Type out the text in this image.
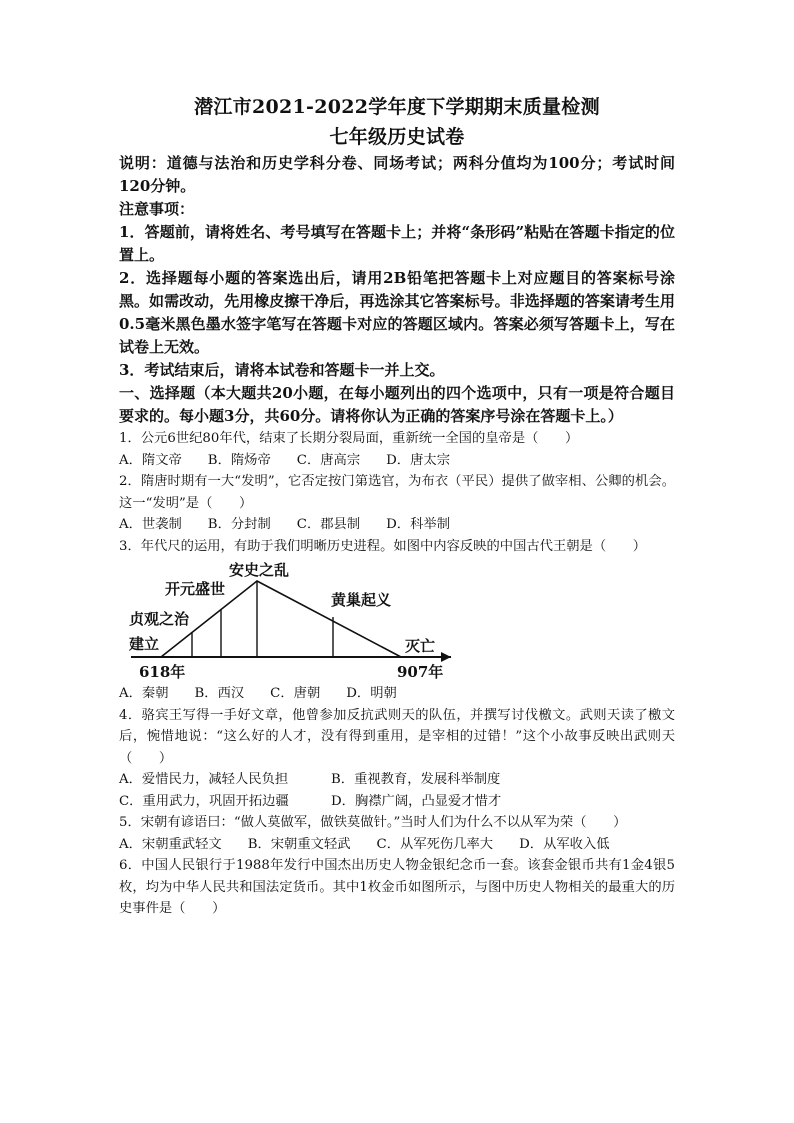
潜江市2021-2022学年度下学期期末质量检测

七年级历史试卷

说明：道德与法治和历史学科分卷、同场考试；两科分值均为100分；考试时间120分钟。

注意事项：

1．答题前，请将姓名、考号填写在答题卡上；并将“条形码”粘贴在答题卡指定的位置上。

2．选择题每小题的答案选出后，请用2B铅笔把答题卡上对应题目的答案标号涂黑。如需改动，先用橡皮擦干净后，再选涂其它答案标号。非选择题的答案请考生用0.5毫米黑色墨水签字笔写在答题卡对应的答题区域内。答案必须写答题卡上，写在试卷上无效。

3．考试结束后，请将本试卷和答题卡一并上交。

一、选择题（本大题共20小题，在每小题列出的四个选项中，只有一项是符合题目要求的。每小题3分，共60分。请将你认为正确的答案序号涂在答题卡上。）

1．公元6世纪80年代，结束了长期分裂局面，重新统一全国的皇帝是（　　）

A．隋文帝 B．隋炀帝 C．唐高宗 D．唐太宗

2．隋唐时期有一大“发明”，它否定按门第选官，为布衣（平民）提供了做宰相、公卿的机会。这一“发明”是（　　）

A．世袭制 B．分封制 C．郡县制 D．科举制

3．年代尺的运用，有助于我们明晰历史进程。如图中内容反映的中国古代王朝是（　　）

安史之乱
开元盛世
黄巢起义
贞观之治
建立	灭亡
618年	907年
A．秦朝 B．西汉 C．唐朝 D．明朝

4．骆宾王写得一手好文章，他曾参加反抗武则天的队伍，并撰写讨伐檄文。武则天读了檄文后，惋惜地说：“这么好的人才，没有得到重用，是宰相的过错！”这个小故事反映出武则天（　　）

A．爱惜民力，减轻人民负担	B．重视教育，发展科举制度
C．重用武力，巩固开拓边疆	D．胸襟广阔，凸显爱才惜才

5．宋朝有谚语曰：“做人莫做军，做铁莫做针。”当时人们为什么不以从军为荣（　　）

A．宋朝重武轻文 B．宋朝重文轻武 C．从军死伤几率大 D．从军收入低

6．中国人民银行于1988年发行中国杰出历史人物金银纪念币一套。该套金银币共有1金4银5枚，均为中华人民共和国法定货币。其中1枚金币如图所示，与图中历史人物相关的最重大的历史事件是（　　）
